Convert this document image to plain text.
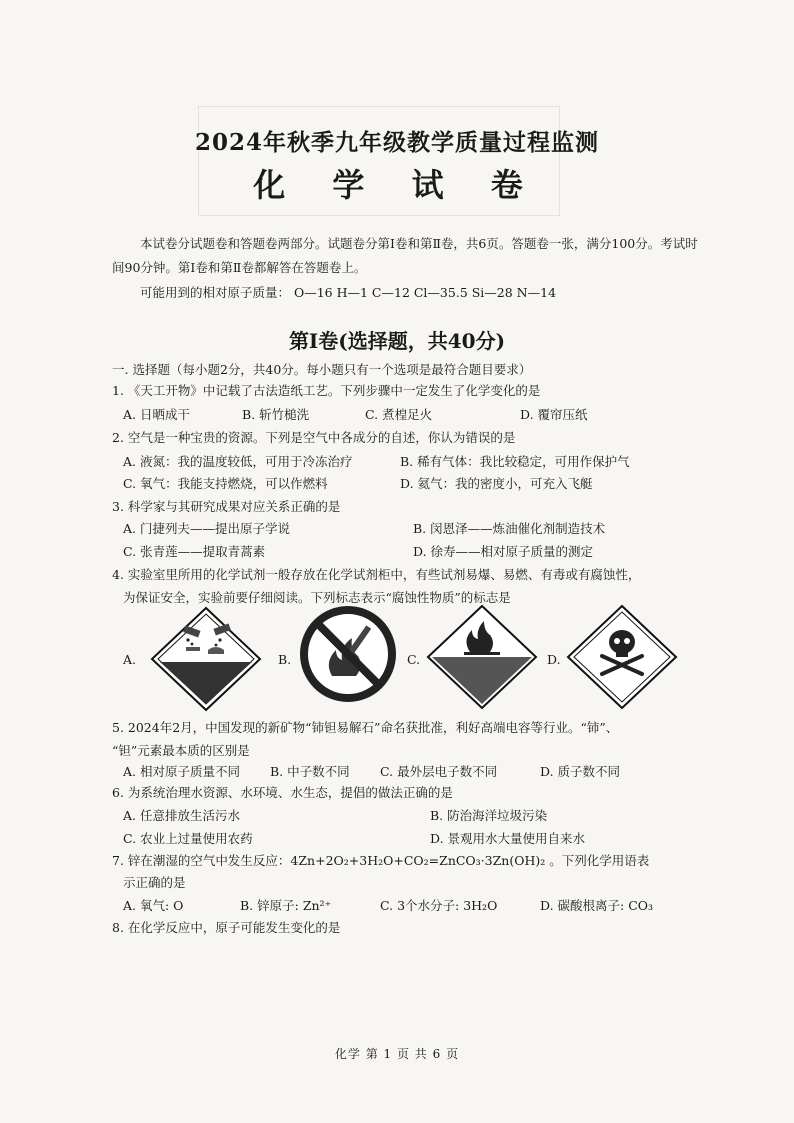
2024年秋季九年级教学质量过程监测
化 学 试 卷
本试卷分试题卷和答题卷两部分。试题卷分第Ⅰ卷和第Ⅱ卷，共6页。答题卷一张，满分100分。考试时间90分钟。第Ⅰ卷和第Ⅱ卷都解答在答题卷上。
可能用到的相对原子质量： O—16 H—1 C—12 Cl—35.5 Si—28 N—14
第Ⅰ卷(选择题，共40分)
一. 选择题（每小题2分，共40分。每小题只有一个选项是最符合题目要求）
1. 《天工开物》中记载了古法造纸工艺。下列步骤中一定发生了化学变化的是
A. 日晒成干	B. 斩竹槌洗	C. 煮楻足火	D. 覆帘压纸
2. 空气是一种宝贵的资源。下列是空气中各成分的自述，你认为错误的是
A. 液氮：我的温度较低，可用于冷冻治疗	B. 稀有气体：我比较稳定，可用作保护气
C. 氧气：我能支持燃烧，可以作燃料	D. 氦气：我的密度小，可充入飞艇
3. 科学家与其研究成果对应关系正确的是
A. 门捷列夫——提出原子学说	B. 闵恩泽——炼油催化剂制造技术
C. 张青莲——提取青蒿素	D. 徐寿——相对原子质量的测定
4. 实验室里所用的化学试剂一般存放在化学试剂柜中，有些试剂易爆、易燃、有毒或有腐蚀性，
为保证安全，实验前要仔细阅读。下列标志表示“腐蚀性物质”的标志是
A.	B.	C.	D.
5. 2024年2月，中国发现的新矿物“铈钽易解石”命名获批准，利好高端电容等行业。“铈”、
“钽”元素最本质的区别是
A. 相对原子质量不同 B. 中子数不同 C. 最外层电子数不同	D. 质子数不同
6. 为系统治理水资源、水环境、水生态，提倡的做法正确的是
A. 任意排放生活污水	B. 防治海洋垃圾污染
C. 农业上过量使用农药	D. 景观用水大量使用自来水
7. 锌在潮湿的空气中发生反应：4Zn+2O₂+3H₂O+CO₂=ZnCO₃·3Zn(OH)₂ 。下列化学用语表
示正确的是
A. 氧气: O	B. 锌原子: Zn²⁺	C. 3个水分子: 3H₂O	D. 碳酸根离子: CO₃
8. 在化学反应中，原子可能发生变化的是
化学 第 1 页 共 6 页
